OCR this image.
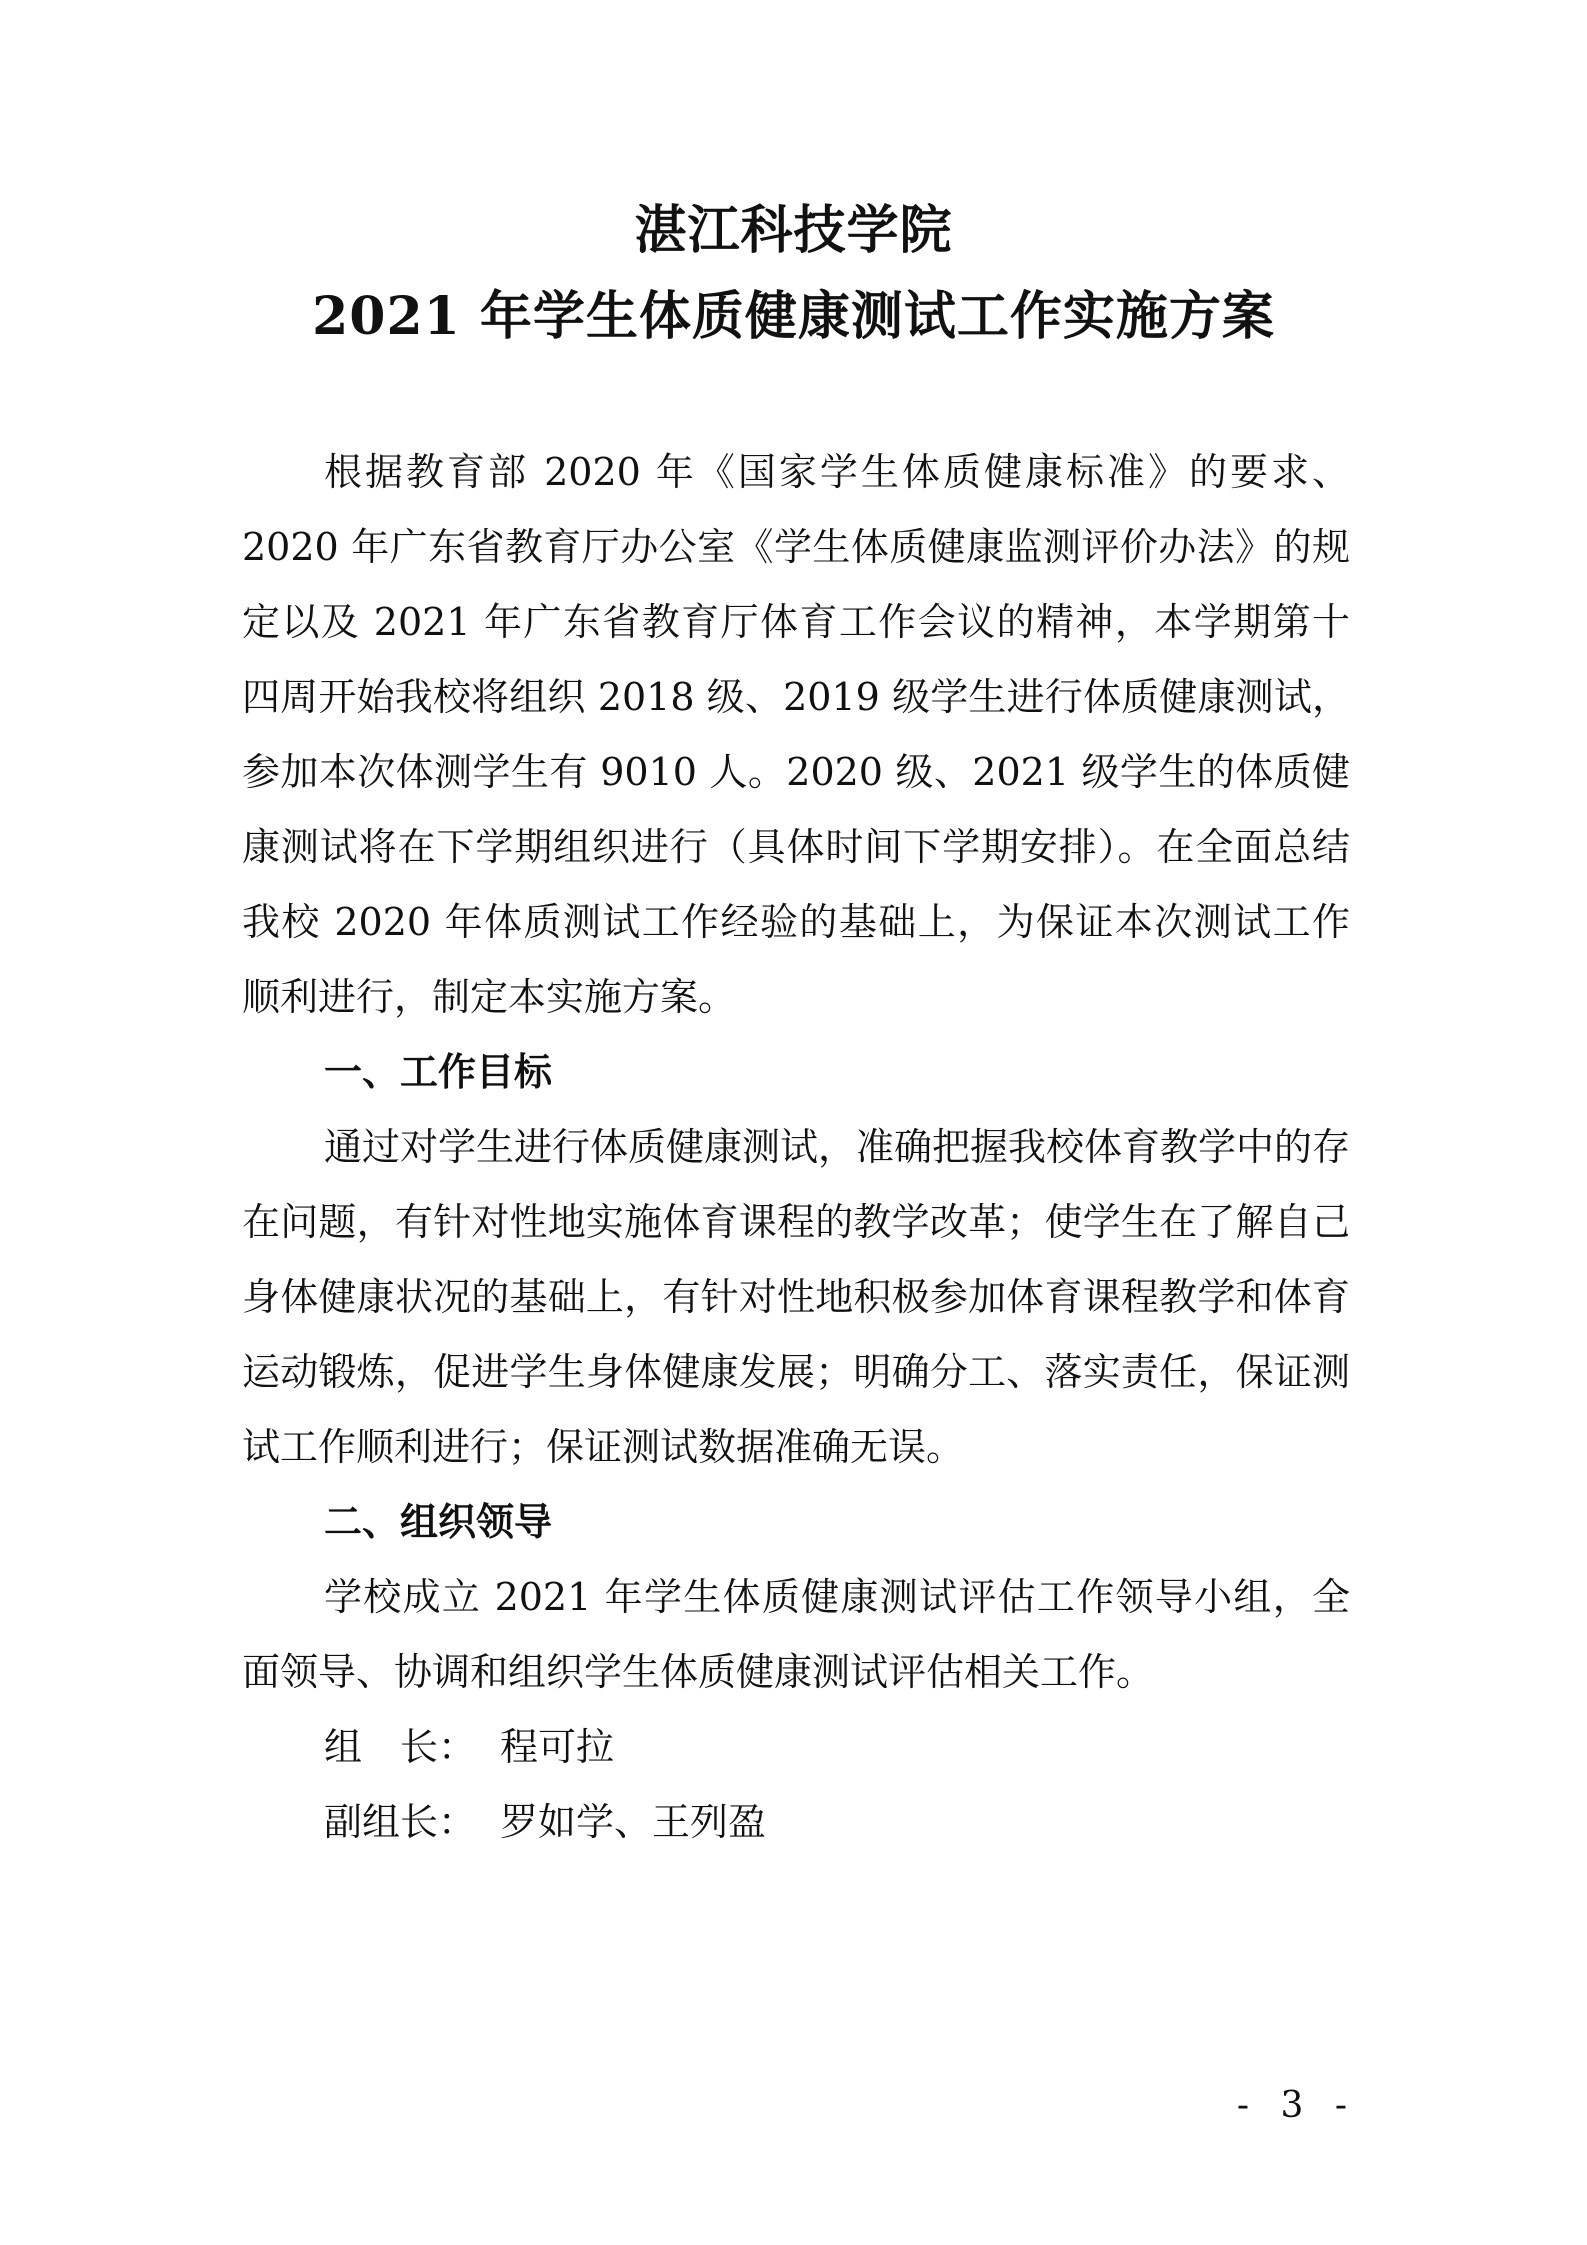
湛江科技学院
2021 年学生体质健康测试工作实施方案

根据教育部 2020 年《国家学生体质健康标准》的要求、2020 年广东省教育厅办公室《学生体质健康监测评价办法》的规定以及 2021 年广东省教育厅体育工作会议的精神，本学期第十四周开始我校将组织 2018 级、2019 级学生进行体质健康测试，参加本次体测学生有 9010 人。2020 级、2021 级学生的体质健康测试将在下学期组织进行（具体时间下学期安排）。在全面总结我校 2020 年体质测试工作经验的基础上，为保证本次测试工作顺利进行，制定本实施方案。

一、工作目标

通过对学生进行体质健康测试，准确把握我校体育教学中的存在问题，有针对性地实施体育课程的教学改革；使学生在了解自己身体健康状况的基础上，有针对性地积极参加体育课程教学和体育运动锻炼，促进学生身体健康发展；明确分工、落实责任，保证测试工作顺利进行；保证测试数据准确无误。

二、组织领导

学校成立 2021 年学生体质健康测试评估工作领导小组，全面领导、协调和组织学生体质健康测试评估相关工作。

组　长： 程可拉

副组长： 罗如学、王列盈

- 3 -
